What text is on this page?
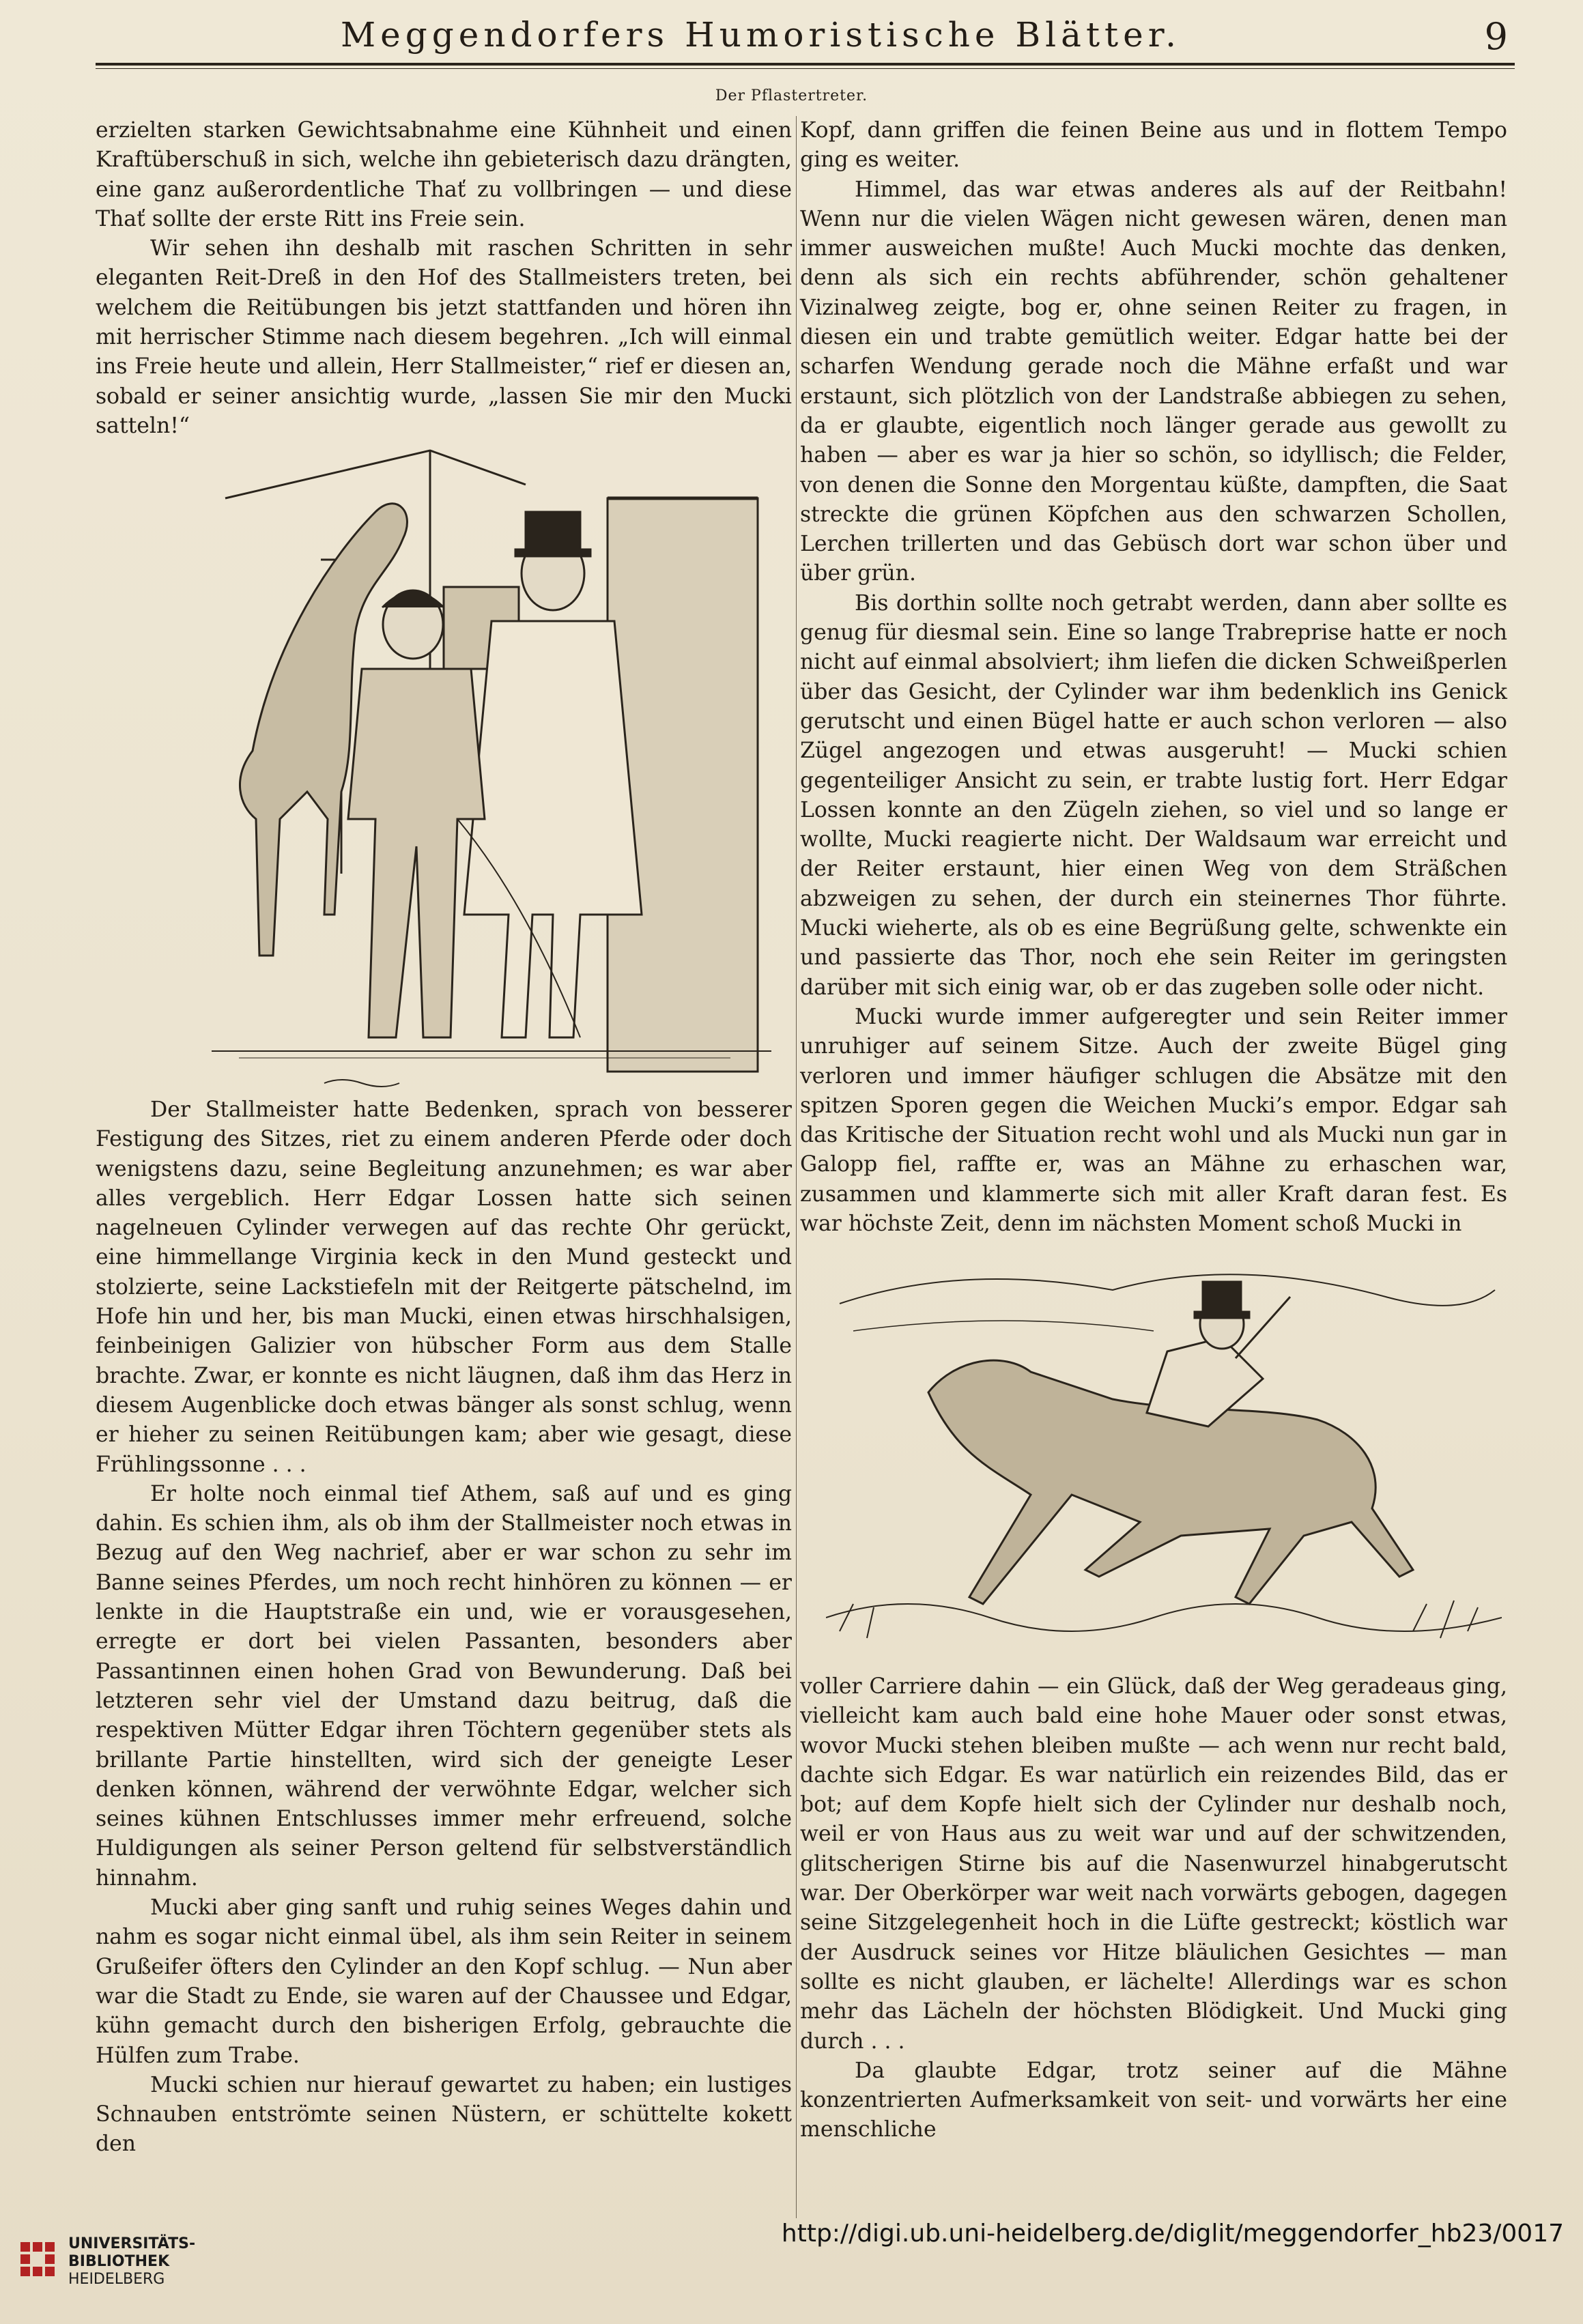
Meggendorfers Humoristische Blätter.	9
Der Pflastertreter.

erzielten starken Gewichtsabnahme eine Kühnheit und einen Kraftüberschuß in sich, welche ihn gebieterisch dazu drängten, eine ganz außerordentliche Thať zu vollbringen — und diese Thať sollte der erste Ritt ins Freie sein.

Wir sehen ihn deshalb mit raschen Schritten in sehr eleganten Reit-Dreß in den Hof des Stallmeisters treten, bei welchem die Reitübungen bis jetzt stattfanden und hören ihn mit herrischer Stimme nach diesem begehren. „Ich will einmal ins Freie heute und allein, Herr Stallmeister,“ rief er diesen an, sobald er seiner ansichtig wurde, „lassen Sie mir den Mucki satteln!“

Der Stallmeister hatte Bedenken, sprach von besserer Festigung des Sitzes, riet zu einem anderen Pferde oder doch wenigstens dazu, seine Begleitung anzunehmen; es war aber alles vergeblich. Herr Edgar Lossen hatte sich seinen nagelneuen Cylinder verwegen auf das rechte Ohr gerückt, eine himmellange Virginia keck in den Mund gesteckt und stolzierte, seine Lackstiefeln mit der Reitgerte pätschelnd, im Hofe hin und her, bis man Mucki, einen etwas hirschhalsigen, feinbeinigen Galizier von hübscher Form aus dem Stalle brachte. Zwar, er konnte es nicht läugnen, daß ihm das Herz in diesem Augenblicke doch etwas bänger als sonst schlug, wenn er hieher zu seinen Reitübungen kam; aber wie gesagt, diese Frühlingssonne . . .

Er holte noch einmal tief Athem, saß auf und es ging dahin. Es schien ihm, als ob ihm der Stallmeister noch etwas in Bezug auf den Weg nachrief, aber er war schon zu sehr im Banne seines Pferdes, um noch recht hinhören zu können — er lenkte in die Hauptstraße ein und, wie er vorausgesehen, erregte er dort bei vielen Passanten, besonders aber Passantinnen einen hohen Grad von Bewunderung. Daß bei letzteren sehr viel der Umstand dazu beitrug, daß die respektiven Mütter Edgar ihren Töchtern gegenüber stets als brillante Partie hinstellten, wird sich der geneigte Leser denken können, während der verwöhnte Edgar, welcher sich seines kühnen Entschlusses immer mehr erfreuend, solche Huldigungen als seiner Person geltend für selbstverständlich hinnahm.

Mucki aber ging sanft und ruhig seines Weges dahin und nahm es sogar nicht einmal übel, als ihm sein Reiter in seinem Grußeifer öfters den Cylinder an den Kopf schlug. — Nun aber war die Stadt zu Ende, sie waren auf der Chaussee und Edgar, kühn gemacht durch den bisherigen Erfolg, gebrauchte die Hülfen zum Trabe.

Mucki schien nur hierauf gewartet zu haben; ein lustiges Schnauben entströmte seinen Nüstern, er schüttelte kokett den

Kopf, dann griffen die feinen Beine aus und in flottem Tempo ging es weiter.

Himmel, das war etwas anderes als auf der Reitbahn! Wenn nur die vielen Wägen nicht gewesen wären, denen man immer ausweichen mußte! Auch Mucki mochte das denken, denn als sich ein rechts abführender, schön gehaltener Vizinalweg zeigte, bog er, ohne seinen Reiter zu fragen, in diesen ein und trabte gemütlich weiter. Edgar hatte bei der scharfen Wendung gerade noch die Mähne erfaßt und war erstaunt, sich plötzlich von der Landstraße abbiegen zu sehen, da er glaubte, eigentlich noch länger gerade aus gewollt zu haben — aber es war ja hier so schön, so idyllisch; die Felder, von denen die Sonne den Morgentau küßte, dampften, die Saat streckte die grünen Köpfchen aus den schwarzen Schollen, Lerchen trillerten und das Gebüsch dort war schon über und über grün.

Bis dorthin sollte noch getrabt werden, dann aber sollte es genug für diesmal sein. Eine so lange Trabreprise hatte er noch nicht auf einmal absolviert; ihm liefen die dicken Schweißperlen über das Gesicht, der Cylinder war ihm bedenklich ins Genick gerutscht und einen Bügel hatte er auch schon verloren — also Zügel angezogen und etwas ausgeruht! — Mucki schien gegenteiliger Ansicht zu sein, er trabte lustig fort. Herr Edgar Lossen konnte an den Zügeln ziehen, so viel und so lange er wollte, Mucki reagierte nicht. Der Waldsaum war erreicht und der Reiter erstaunt, hier einen Weg von dem Sträßchen abzweigen zu sehen, der durch ein steinernes Thor führte. Mucki wieherte, als ob es eine Begrüßung gelte, schwenkte ein und passierte das Thor, noch ehe sein Reiter im geringsten darüber mit sich einig war, ob er das zugeben solle oder nicht.

Mucki wurde immer aufgeregter und sein Reiter immer unruhiger auf seinem Sitze. Auch der zweite Bügel ging verloren und immer häufiger schlugen die Absätze mit den spitzen Sporen gegen die Weichen Mucki’s empor. Edgar sah das Kritische der Situation recht wohl und als Mucki nun gar in Galopp fiel, raffte er, was an Mähne zu erhaschen war, zusammen und klammerte sich mit aller Kraft daran fest. Es war höchste Zeit, denn im nächsten Moment schoß Mucki in

voller Carriere dahin — ein Glück, daß der Weg geradeaus ging, vielleicht kam auch bald eine hohe Mauer oder sonst etwas, wovor Mucki stehen bleiben mußte — ach wenn nur recht bald, dachte sich Edgar. Es war natürlich ein reizendes Bild, das er bot; auf dem Kopfe hielt sich der Cylinder nur deshalb noch, weil er von Haus aus zu weit war und auf der schwitzenden, glitscherigen Stirne bis auf die Nasenwurzel hinabgerutscht war. Der Oberkörper war weit nach vorwärts gebogen, dagegen seine Sitzgelegenheit hoch in die Lüfte gestreckt; köstlich war der Ausdruck seines vor Hitze bläulichen Gesichtes — man sollte es nicht glauben, er lächelte! Allerdings war es schon mehr das Lächeln der höchsten Blödigkeit. Und Mucki ging durch . . .

Da glaubte Edgar, trotz seiner auf die Mähne konzentrierten Aufmerksamkeit von seit- und vorwärts her eine menschliche

UNIVERSITÄTS-
BIBLIOTHEK
HEIDELBERG
http://digi.ub.uni-heidelberg.de/diglit/meggendorfer_hb23/0017
